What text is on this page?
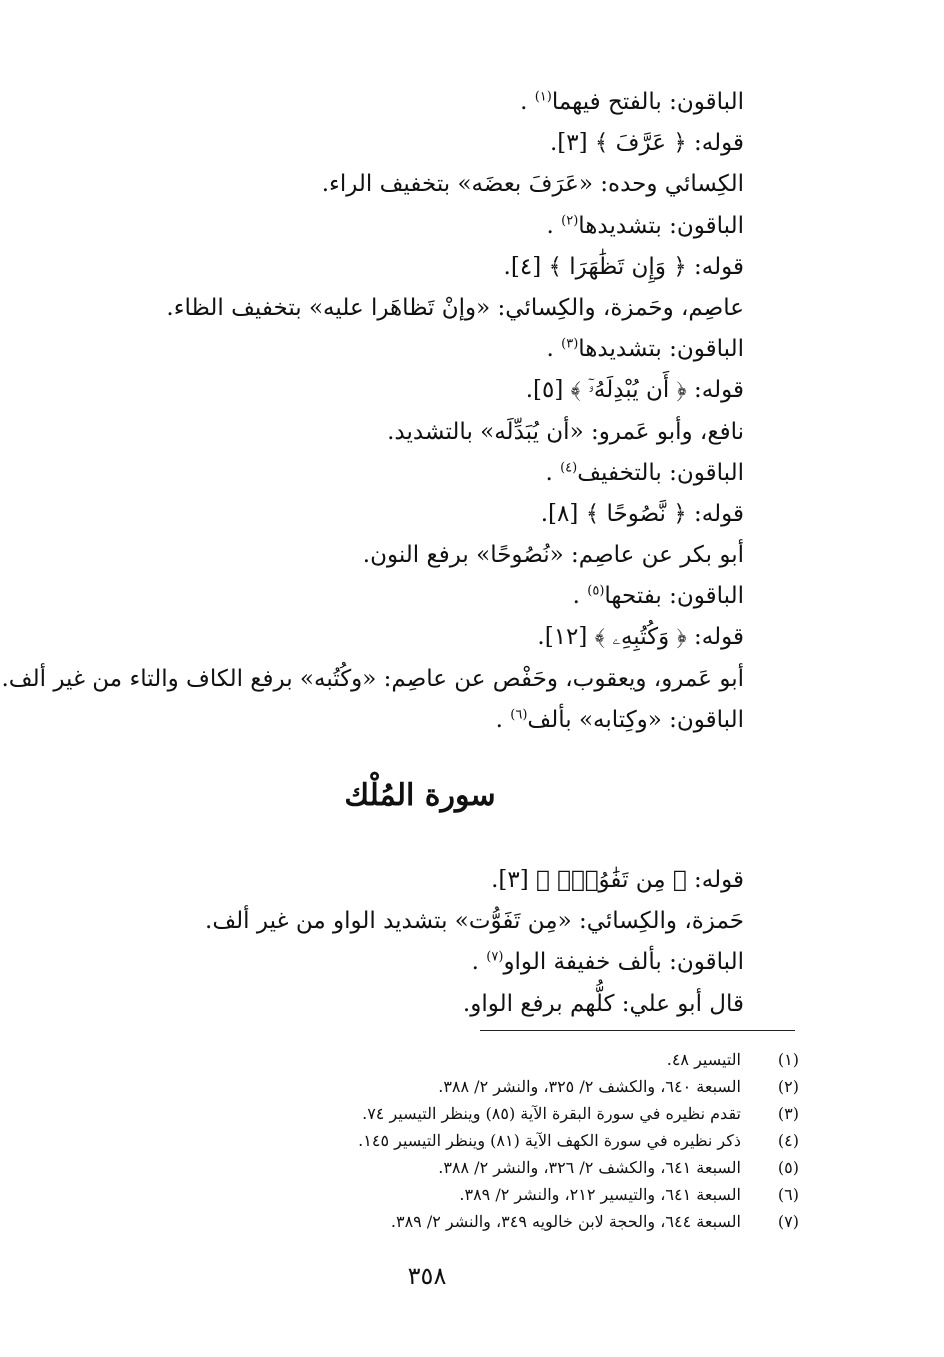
الباقون: بالفتح فيهما$^{(١)}$ .
قوله: ﴿ عَرَّفَ ﴾ [٣].
الكِسائي وحده: «عَرَفَ بعضَه» بتخفيف الراء.
الباقون: بتشديدها$^{(٢)}$ .
قوله: ﴿ وَإِن تَظَٰهَرَا ﴾ [٤].
عاصِم، وحَمزة، والكِسائي: «وإنْ تَظاهَرا عليه» بتخفيف الظاء.
الباقون: بتشديدها$^{(٣)}$ .
قوله: ﴿ أَن يُبْدِلَهُۥٓ ﴾ [٥].
نافع، وأبو عَمرو: «أن يُبَدِّلَه» بالتشديد.
الباقون: بالتخفيف$^{(٤)}$ .
قوله: ﴿ نَّصُوحًا ﴾ [٨].
أبو بكر عن عاصِم: «نُصُوحًا» برفع النون.
الباقون: بفتحها$^{(٥)}$ .
قوله: ﴿ وَكُتُبِهِۦ ﴾ [١٢].
أبو عَمرو، ويعقوب، وحَفْص عن عاصِم: «وكُتُبه» برفع الكاف والتاء من غير ألف.
الباقون: «وكِتابه» بألف$^{(٦)}$ .
سورة المُلْك
قوله: ﴿ مِن تَفَٰوُتٍۖ ﴾ [٣].
حَمزة، والكِسائي: «مِن تَفَوُّت» بتشديد الواو من غير ألف.
الباقون: بألف خفيفة الواو$^{(٧)}$ .
قال أبو علي: كلُّهم برفع الواو.
(١)
التيسير ٤٨.
(٢)
السبعة ٦٤٠، والكشف ٢/ ٣٢٥، والنشر ٢/ ٣٨٨.
(٣)
تقدم نظيره في سورة البقرة الآية (٨٥) وينظر التيسير ٧٤.
(٤)
ذكر نظيره في سورة الكهف الآية (٨١) وينظر التيسير ١٤٥.
(٥)
السبعة ٦٤١، والكشف ٢/ ٣٢٦، والنشر ٢/ ٣٨٨.
(٦)
السبعة ٦٤١، والتيسير ٢١٢، والنشر ٢/ ٣٨٩.
(٧)
السبعة ٦٤٤، والحجة لابن خالويه ٣٤٩، والنشر ٢/ ٣٨٩.
٣٥٨
